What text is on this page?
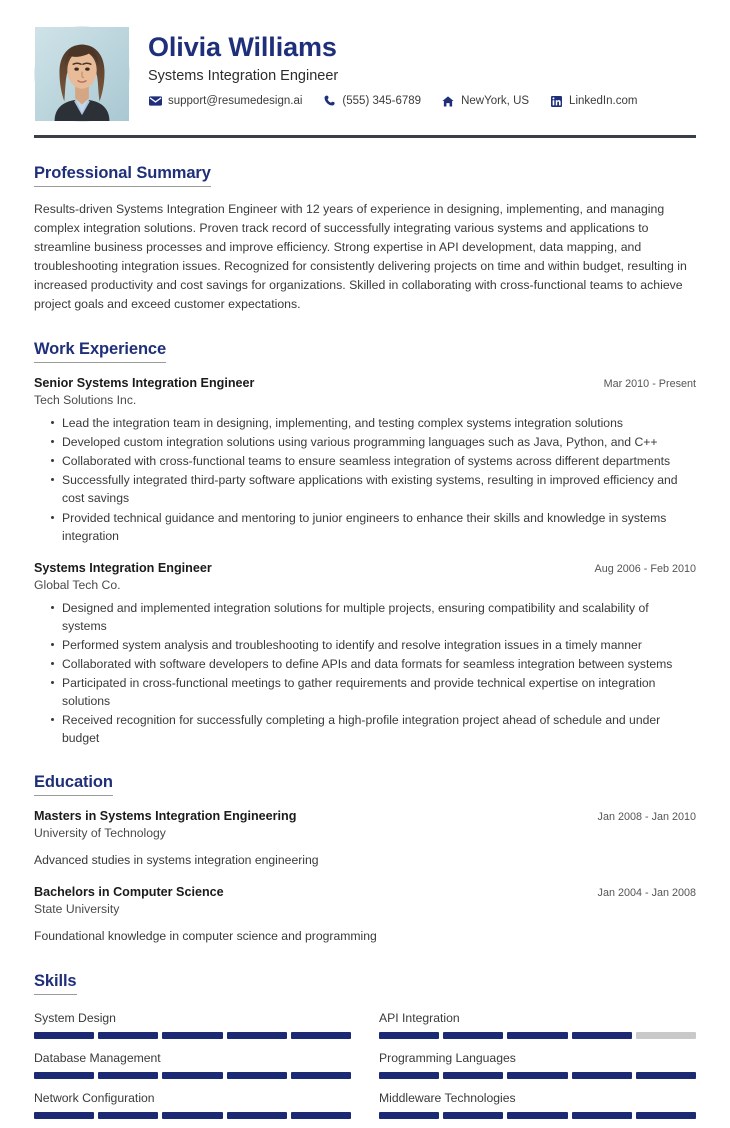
Olivia Williams
Systems Integration Engineer
support@resumedesign.ai	(555) 345-6789	NewYork, US	LinkedIn.com
Professional Summary
Results-driven Systems Integration Engineer with 12 years of experience in designing, implementing, and managing complex integration solutions. Proven track record of successfully integrating various systems and applications to streamline business processes and improve efficiency. Strong expertise in API development, data mapping, and troubleshooting integration issues. Recognized for consistently delivering projects on time and within budget, resulting in increased productivity and cost savings for organizations. Skilled in collaborating with cross-functional teams to achieve project goals and exceed customer expectations.
Work Experience
Senior Systems Integration Engineer	Mar 2010 - Present
Tech Solutions Inc.
Lead the integration team in designing, implementing, and testing complex systems integration solutions
Developed custom integration solutions using various programming languages such as Java, Python, and C++
Collaborated with cross-functional teams to ensure seamless integration of systems across different departments
Successfully integrated third-party software applications with existing systems, resulting in improved efficiency and cost savings
Provided technical guidance and mentoring to junior engineers to enhance their skills and knowledge in systems integration
Systems Integration Engineer	Aug 2006 - Feb 2010
Global Tech Co.
Designed and implemented integration solutions for multiple projects, ensuring compatibility and scalability of systems
Performed system analysis and troubleshooting to identify and resolve integration issues in a timely manner
Collaborated with software developers to define APIs and data formats for seamless integration between systems
Participated in cross-functional meetings to gather requirements and provide technical expertise on integration solutions
Received recognition for successfully completing a high-profile integration project ahead of schedule and under budget
Education
Masters in Systems Integration Engineering	Jan 2008 - Jan 2010
University of Technology
Advanced studies in systems integration engineering
Bachelors in Computer Science	Jan 2004 - Jan 2008
State University
Foundational knowledge in computer science and programming
Skills
System Design	API Integration
Database Management	Programming Languages
Network Configuration	Middleware Technologies
